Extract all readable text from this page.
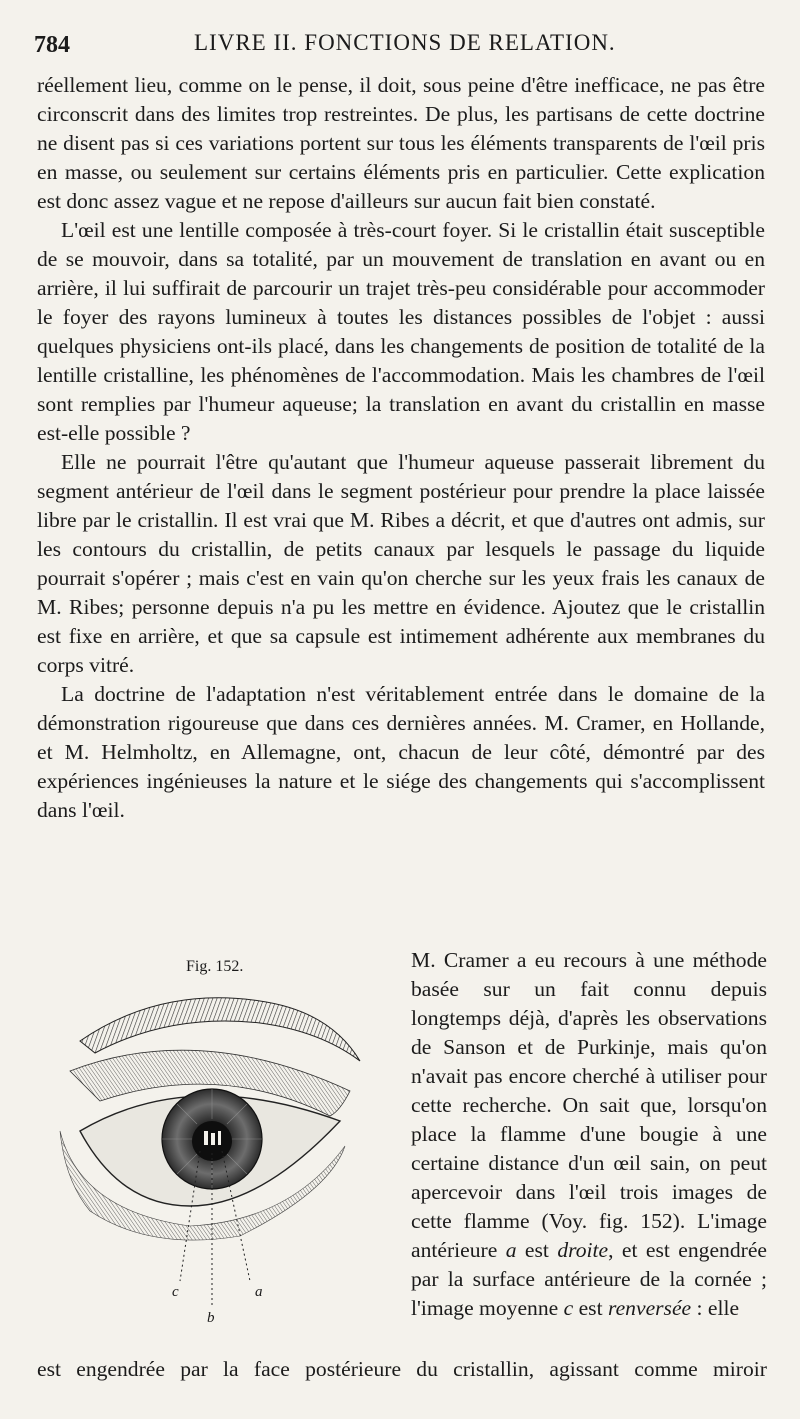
784	LIVRE II. FONCTIONS DE RELATION.

réellement lieu, comme on le pense, il doit, sous peine d'être inefficace, ne pas être circonscrit dans des limites trop restreintes. De plus, les partisans de cette doctrine ne disent pas si ces variations portent sur tous les éléments transparents de l'œil pris en masse, ou seulement sur certains éléments pris en particulier. Cette explication est donc assez vague et ne repose d'ailleurs sur aucun fait bien constaté.

L'œil est une lentille composée à très-court foyer. Si le cristallin était susceptible de se mouvoir, dans sa totalité, par un mouvement de translation en avant ou en arrière, il lui suffirait de parcourir un trajet très-peu considérable pour accommoder le foyer des rayons lumineux à toutes les distances possibles de l'objet : aussi quelques physiciens ont-ils placé, dans les changements de position de totalité de la lentille cristalline, les phénomènes de l'accommodation. Mais les chambres de l'œil sont remplies par l'humeur aqueuse; la translation en avant du cristallin en masse est-elle possible ?

Elle ne pourrait l'être qu'autant que l'humeur aqueuse passerait librement du segment antérieur de l'œil dans le segment postérieur pour prendre la place laissée libre par le cristallin. Il est vrai que M. Ribes a décrit, et que d'autres ont admis, sur les contours du cristallin, de petits canaux par lesquels le passage du liquide pourrait s'opérer ; mais c'est en vain qu'on cherche sur les yeux frais les canaux de M. Ribes; personne depuis n'a pu les mettre en évidence. Ajoutez que le cristallin est fixe en arrière, et que sa capsule est intimement adhérente aux membranes du corps vitré.

La doctrine de l'adaptation n'est véritablement entrée dans le domaine de la démonstration rigoureuse que dans ces dernières années. M. Cramer, en Hollande, et M. Helmholtz, en Allemagne, ont, chacun de leur côté, démontré par des expériences ingénieuses la nature et le siége des changements qui s'accomplissent dans l'œil.

Fig. 152.
c	a
b

M. Cramer a eu recours à une méthode basée sur un fait connu depuis longtemps déjà, d'après les observations de Sanson et de Purkinje, mais qu'on n'avait pas encore cherché à utiliser pour cette recherche. On sait que, lorsqu'on place la flamme d'une bougie à une certaine distance d'un œil sain, on peut apercevoir dans l'œil trois images de cette flamme (Voy. fig. 152). L'image antérieure a est droite, et est engendrée par la surface antérieure de la cornée ; l'image moyenne c est renversée : elle

est engendrée par la face postérieure du cristallin, agissant comme miroir
